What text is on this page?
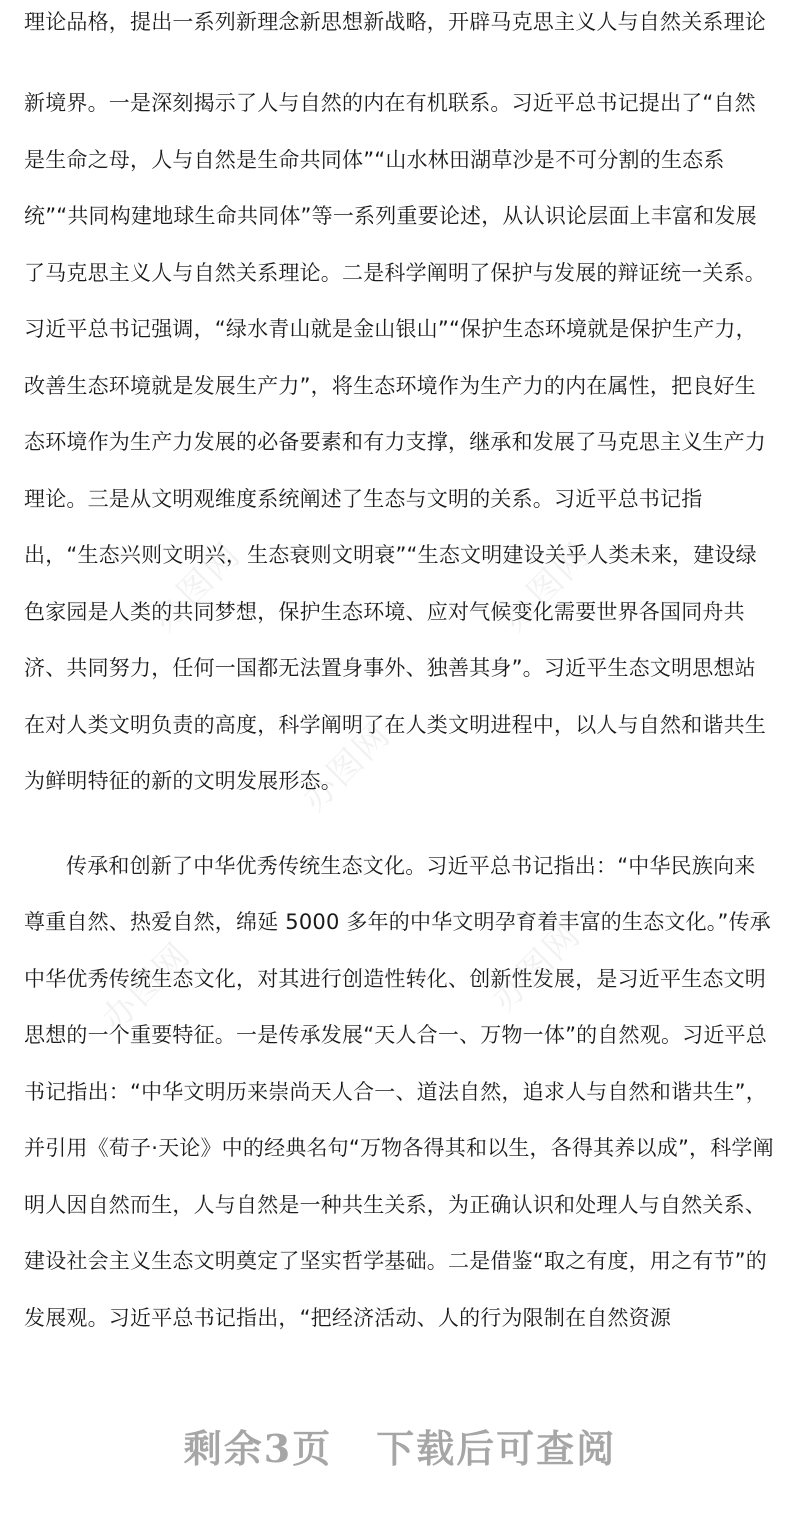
理论品格，提出一系列新理念新思想新战略，开辟马克思主义人与自然关系理论

新境界。一是深刻揭示了人与自然的内在有机联系。习近平总书记提出了“自然是生命之母，人与自然是生命共同体”“山水林田湖草沙是不可分割的生态系统”“共同构建地球生命共同体”等一系列重要论述，从认识论层面上丰富和发展了马克思主义人与自然关系理论。二是科学阐明了保护与发展的辩证统一关系。习近平总书记强调，“绿水青山就是金山银山”“保护生态环境就是保护生产力，改善生态环境就是发展生产力”，将生态环境作为生产力的内在属性，把良好生态环境作为生产力发展的必备要素和有力支撑，继承和发展了马克思主义生产力理论。三是从文明观维度系统阐述了生态与文明的关系。习近平总书记指出，“生态兴则文明兴，生态衰则文明衰”“生态文明建设关乎人类未来，建设绿色家园是人类的共同梦想，保护生态环境、应对气候变化需要世界各国同舟共济、共同努力，任何一国都无法置身事外、独善其身”。习近平生态文明思想站在对人类文明负责的高度，科学阐明了在人类文明进程中，以人与自然和谐共生为鲜明特征的新的文明发展形态。

传承和创新了中华优秀传统生态文化。习近平总书记指出：“中华民族向来尊重自然、热爱自然，绵延 5000 多年的中华文明孕育着丰富的生态文化。”传承中华优秀传统生态文化，对其进行创造性转化、创新性发展，是习近平生态文明思想的一个重要特征。一是传承发展“天人合一、万物一体”的自然观。习近平总书记指出：“中华文明历来崇尚天人合一、道法自然，追求人与自然和谐共生”，并引用《荀子·天论》中的经典名句“万物各得其和以生，各得其养以成”，科学阐明人因自然而生，人与自然是一种共生关系，为正确认识和处理人与自然关系、建设社会主义生态文明奠定了坚实哲学基础。二是借鉴“取之有度，用之有节”的发展观。习近平总书记指出，“把经济活动、人的行为限制在自然资源

办图网	办图网
办图网
办图网	办图网
剩余3页 下载后可查阅
